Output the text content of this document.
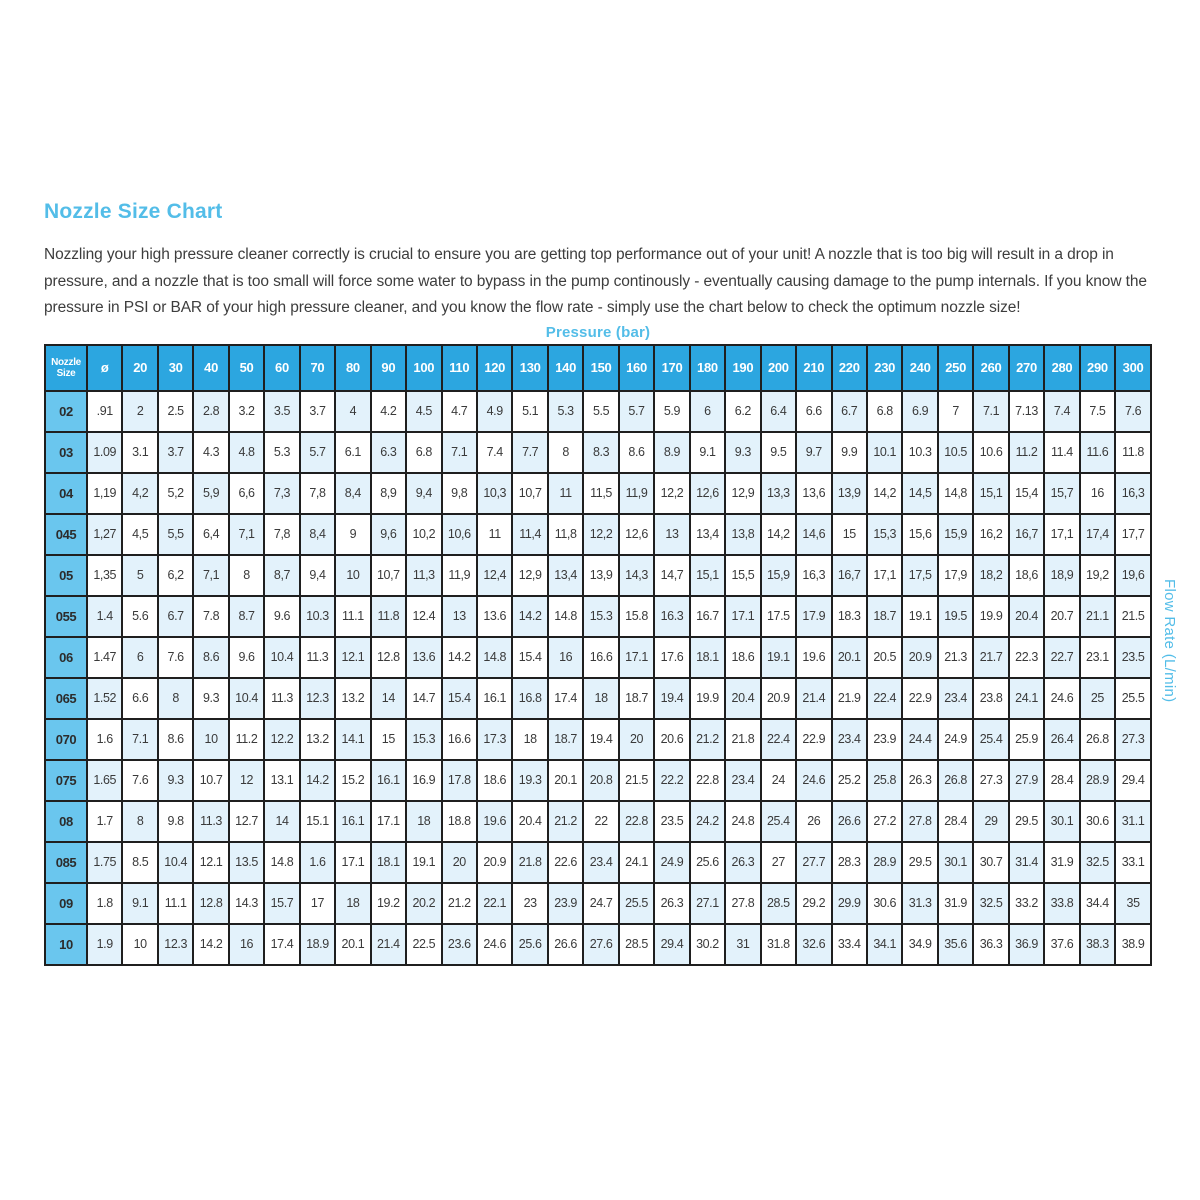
Nozzle Size Chart

Nozzling your high pressure cleaner correctly is crucial to ensure you are getting top performance out of your unit! A nozzle that is too big will result in a drop in pressure, and a nozzle that is too small will force some water to bypass in the pump continously - eventually causing damage to the pump internals. If you know the pressure in PSI or BAR of your high pressure cleaner, and you know the flow rate - simply use the chart below to check the optimum nozzle size!

Pressure (bar)
Nozzle Size	ø	20	30	40	50	60	70	80	90	100	110	120	130	140	150	160	170	180	190	200	210	220	230	240	250	260	270	280	290	300
02	.91	2	2.5	2.8	3.2	3.5	3.7	4	4.2	4.5	4.7	4.9	5.1	5.3	5.5	5.7	5.9	6	6.2	6.4	6.6	6.7	6.8	6.9	7	7.1	7.13	7.4	7.5	7.6
03	1.09	3.1	3.7	4.3	4.8	5.3	5.7	6.1	6.3	6.8	7.1	7.4	7.7	8	8.3	8.6	8.9	9.1	9.3	9.5	9.7	9.9	10.1	10.3	10.5	10.6	11.2	11.4	11.6	11.8
04	1,19	4,2	5,2	5,9	6,6	7,3	7,8	8,4	8,9	9,4	9,8	10,3	10,7	11	11,5	11,9	12,2	12,6	12,9	13,3	13,6	13,9	14,2	14,5	14,8	15,1	15,4	15,7	16	16,3
045	1,27	4,5	5,5	6,4	7,1	7,8	8,4	9	9,6	10,2	10,6	11	11,4	11,8	12,2	12,6	13	13,4	13,8	14,2	14,6	15	15,3	15,6	15,9	16,2	16,7	17,1	17,4	17,7
05	1,35	5	6,2	7,1	8	8,7	9,4	10	10,7	11,3	11,9	12,4	12,9	13,4	13,9	14,3	14,7	15,1	15,5	15,9	16,3	16,7	17,1	17,5	17,9	18,2	18,6	18,9	19,2	19,6
055	1.4	5.6	6.7	7.8	8.7	9.6	10.3	11.1	11.8	12.4	13	13.6	14.2	14.8	15.3	15.8	16.3	16.7	17.1	17.5	17.9	18.3	18.7	19.1	19.5	19.9	20.4	20.7	21.1	21.5
06	1.47	6	7.6	8.6	9.6	10.4	11.3	12.1	12.8	13.6	14.2	14.8	15.4	16	16.6	17.1	17.6	18.1	18.6	19.1	19.6	20.1	20.5	20.9	21.3	21.7	22.3	22.7	23.1	23.5
065	1.52	6.6	8	9.3	10.4	11.3	12.3	13.2	14	14.7	15.4	16.1	16.8	17.4	18	18.7	19.4	19.9	20.4	20.9	21.4	21.9	22.4	22.9	23.4	23.8	24.1	24.6	25	25.5
070	1.6	7.1	8.6	10	11.2	12.2	13.2	14.1	15	15.3	16.6	17.3	18	18.7	19.4	20	20.6	21.2	21.8	22.4	22.9	23.4	23.9	24.4	24.9	25.4	25.9	26.4	26.8	27.3
075	1.65	7.6	9.3	10.7	12	13.1	14.2	15.2	16.1	16.9	17.8	18.6	19.3	20.1	20.8	21.5	22.2	22.8	23.4	24	24.6	25.2	25.8	26.3	26.8	27.3	27.9	28.4	28.9	29.4
08	1.7	8	9.8	11.3	12.7	14	15.1	16.1	17.1	18	18.8	19.6	20.4	21.2	22	22.8	23.5	24.2	24.8	25.4	26	26.6	27.2	27.8	28.4	29	29.5	30.1	30.6	31.1
085	1.75	8.5	10.4	12.1	13.5	14.8	1.6	17.1	18.1	19.1	20	20.9	21.8	22.6	23.4	24.1	24.9	25.6	26.3	27	27.7	28.3	28.9	29.5	30.1	30.7	31.4	31.9	32.5	33.1
09	1.8	9.1	11.1	12.8	14.3	15.7	17	18	19.2	20.2	21.2	22.1	23	23.9	24.7	25.5	26.3	27.1	27.8	28.5	29.2	29.9	30.6	31.3	31.9	32.5	33.2	33.8	34.4	35
10	1.9	10	12.3	14.2	16	17.4	18.9	20.1	21.4	22.5	23.6	24.6	25.6	26.6	27.6	28.5	29.4	30.2	31	31.8	32.6	33.4	34.1	34.9	35.6	36.3	36.9	37.6	38.3	38.9
Flow Rate (L/min)
